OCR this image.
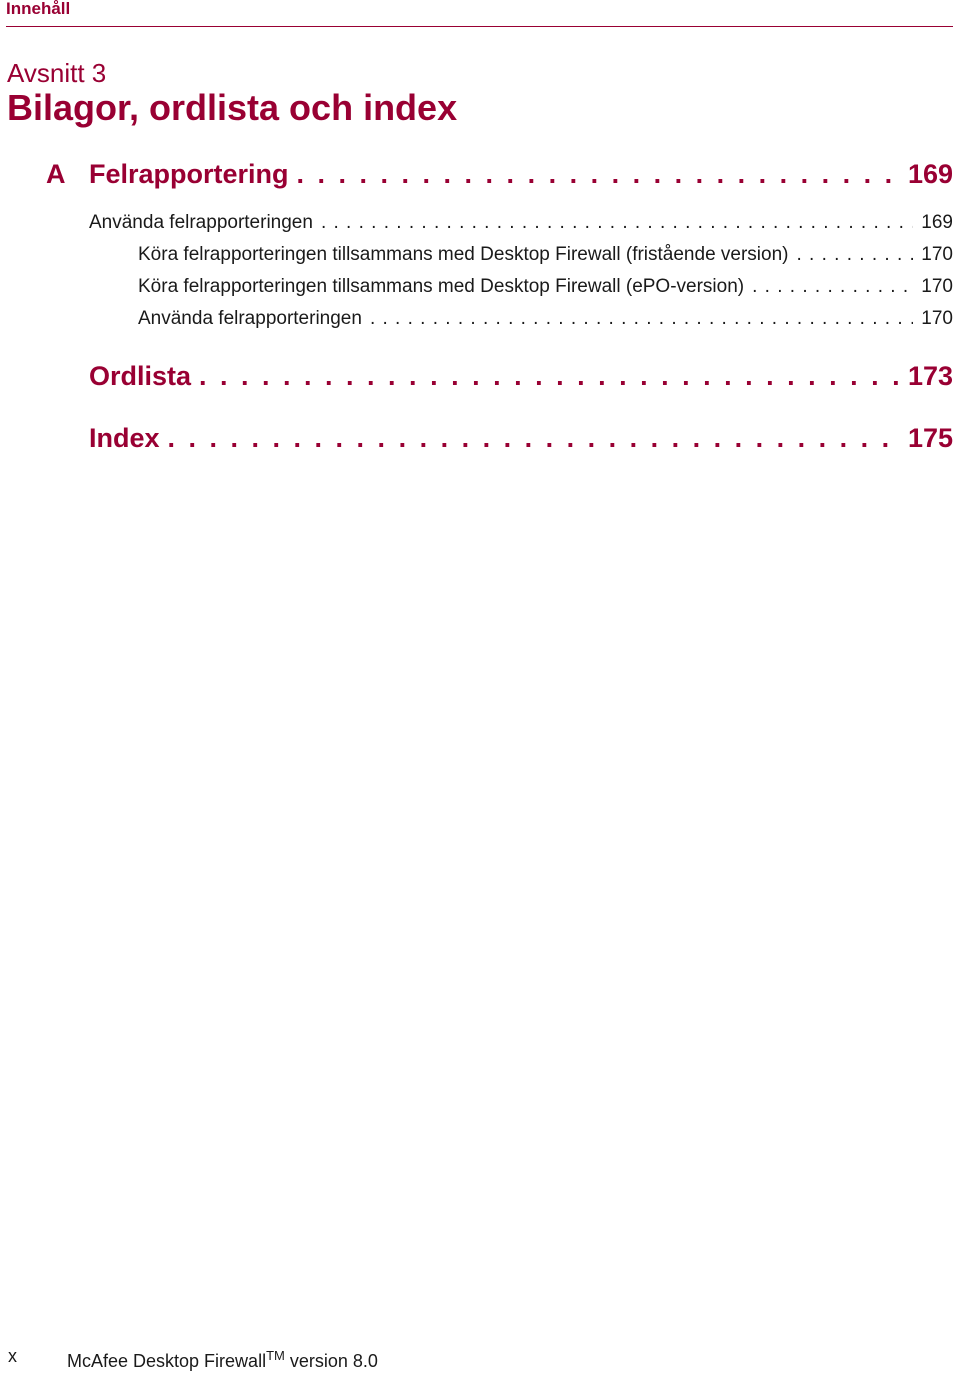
Innehåll
Avsnitt 3
Bilagor, ordlista och index
A Felrapportering . . .	169
Använda felrapporteringen . . .	169
Köra felrapporteringen tillsammans med Desktop Firewall (fristående version) . . .	170
Köra felrapporteringen tillsammans med Desktop Firewall (ePO-version) . . .	170
Använda felrapporteringen . . .	170
Ordlista . . .	173
Index . . .	175
x	McAfee Desktop Firewall™ version 8.0
